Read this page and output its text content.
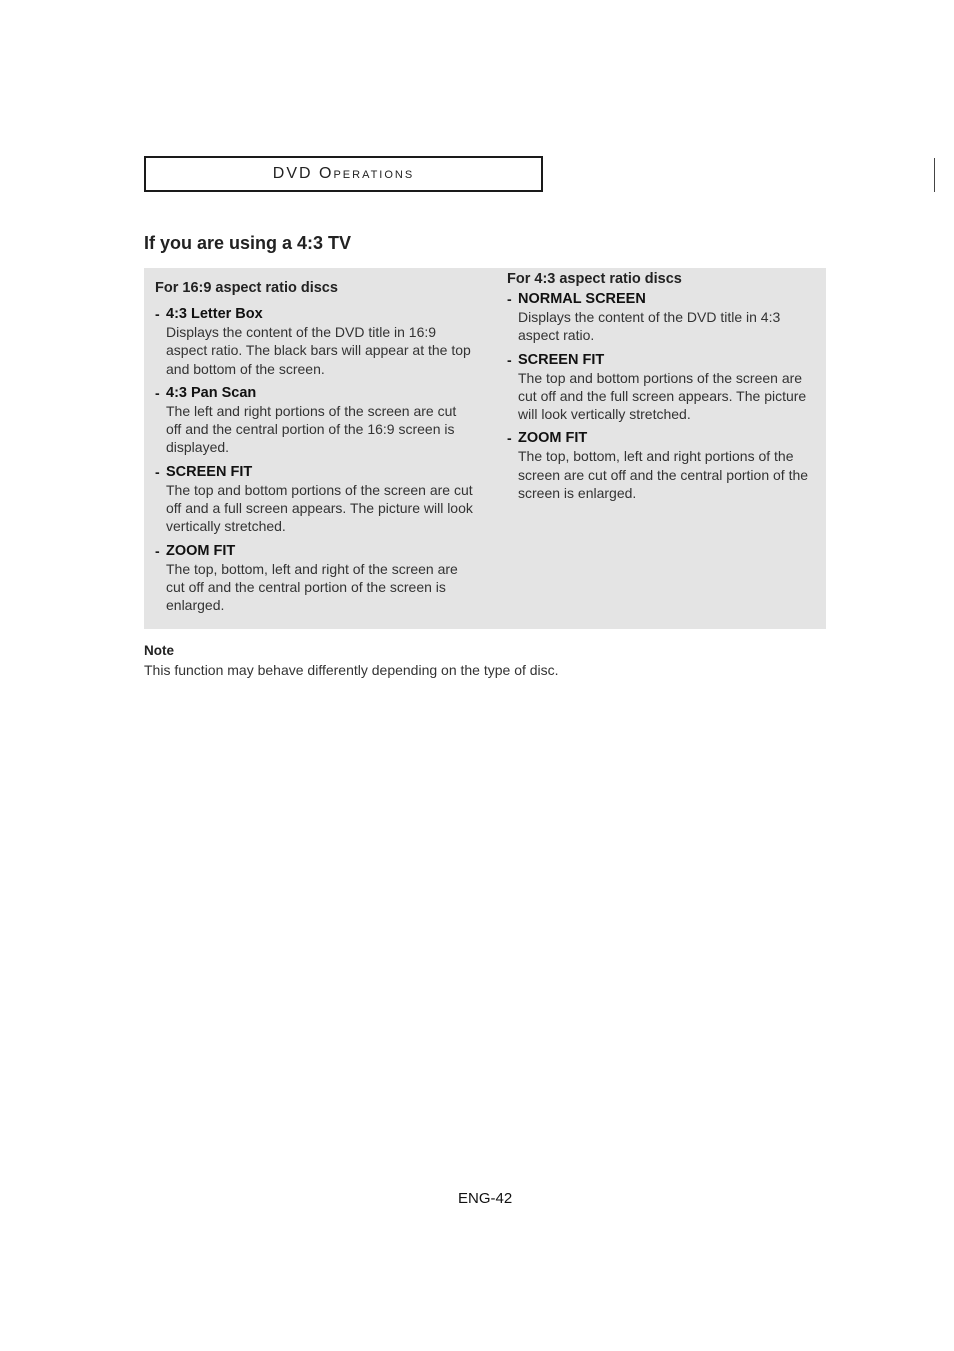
DVD Operations
If you are using a 4:3 TV
For 16:9 aspect ratio discs
- 4:3 Letter Box
Displays the content of the DVD title in 16:9 aspect ratio. The black bars will appear at the top and bottom of the screen.
- 4:3 Pan Scan
The left and right portions of the screen are cut off and the central portion of the 16:9 screen is displayed.
- SCREEN FIT
The top and bottom portions of the screen are cut off and a full screen appears. The picture will look vertically stretched.
- ZOOM FIT
The top, bottom, left and right of the screen are cut off and the central portion of the screen is enlarged.
For 4:3 aspect ratio discs
- NORMAL SCREEN
Displays the content of the DVD title in 4:3 aspect ratio.
- SCREEN FIT
The top and bottom portions of the screen are cut off and the full screen appears. The picture will look vertically stretched.
- ZOOM FIT
The top, bottom, left and right portions of the screen are cut off and the central portion of the screen is enlarged.
Note
This function may behave differently depending on the type of disc.
ENG-42
